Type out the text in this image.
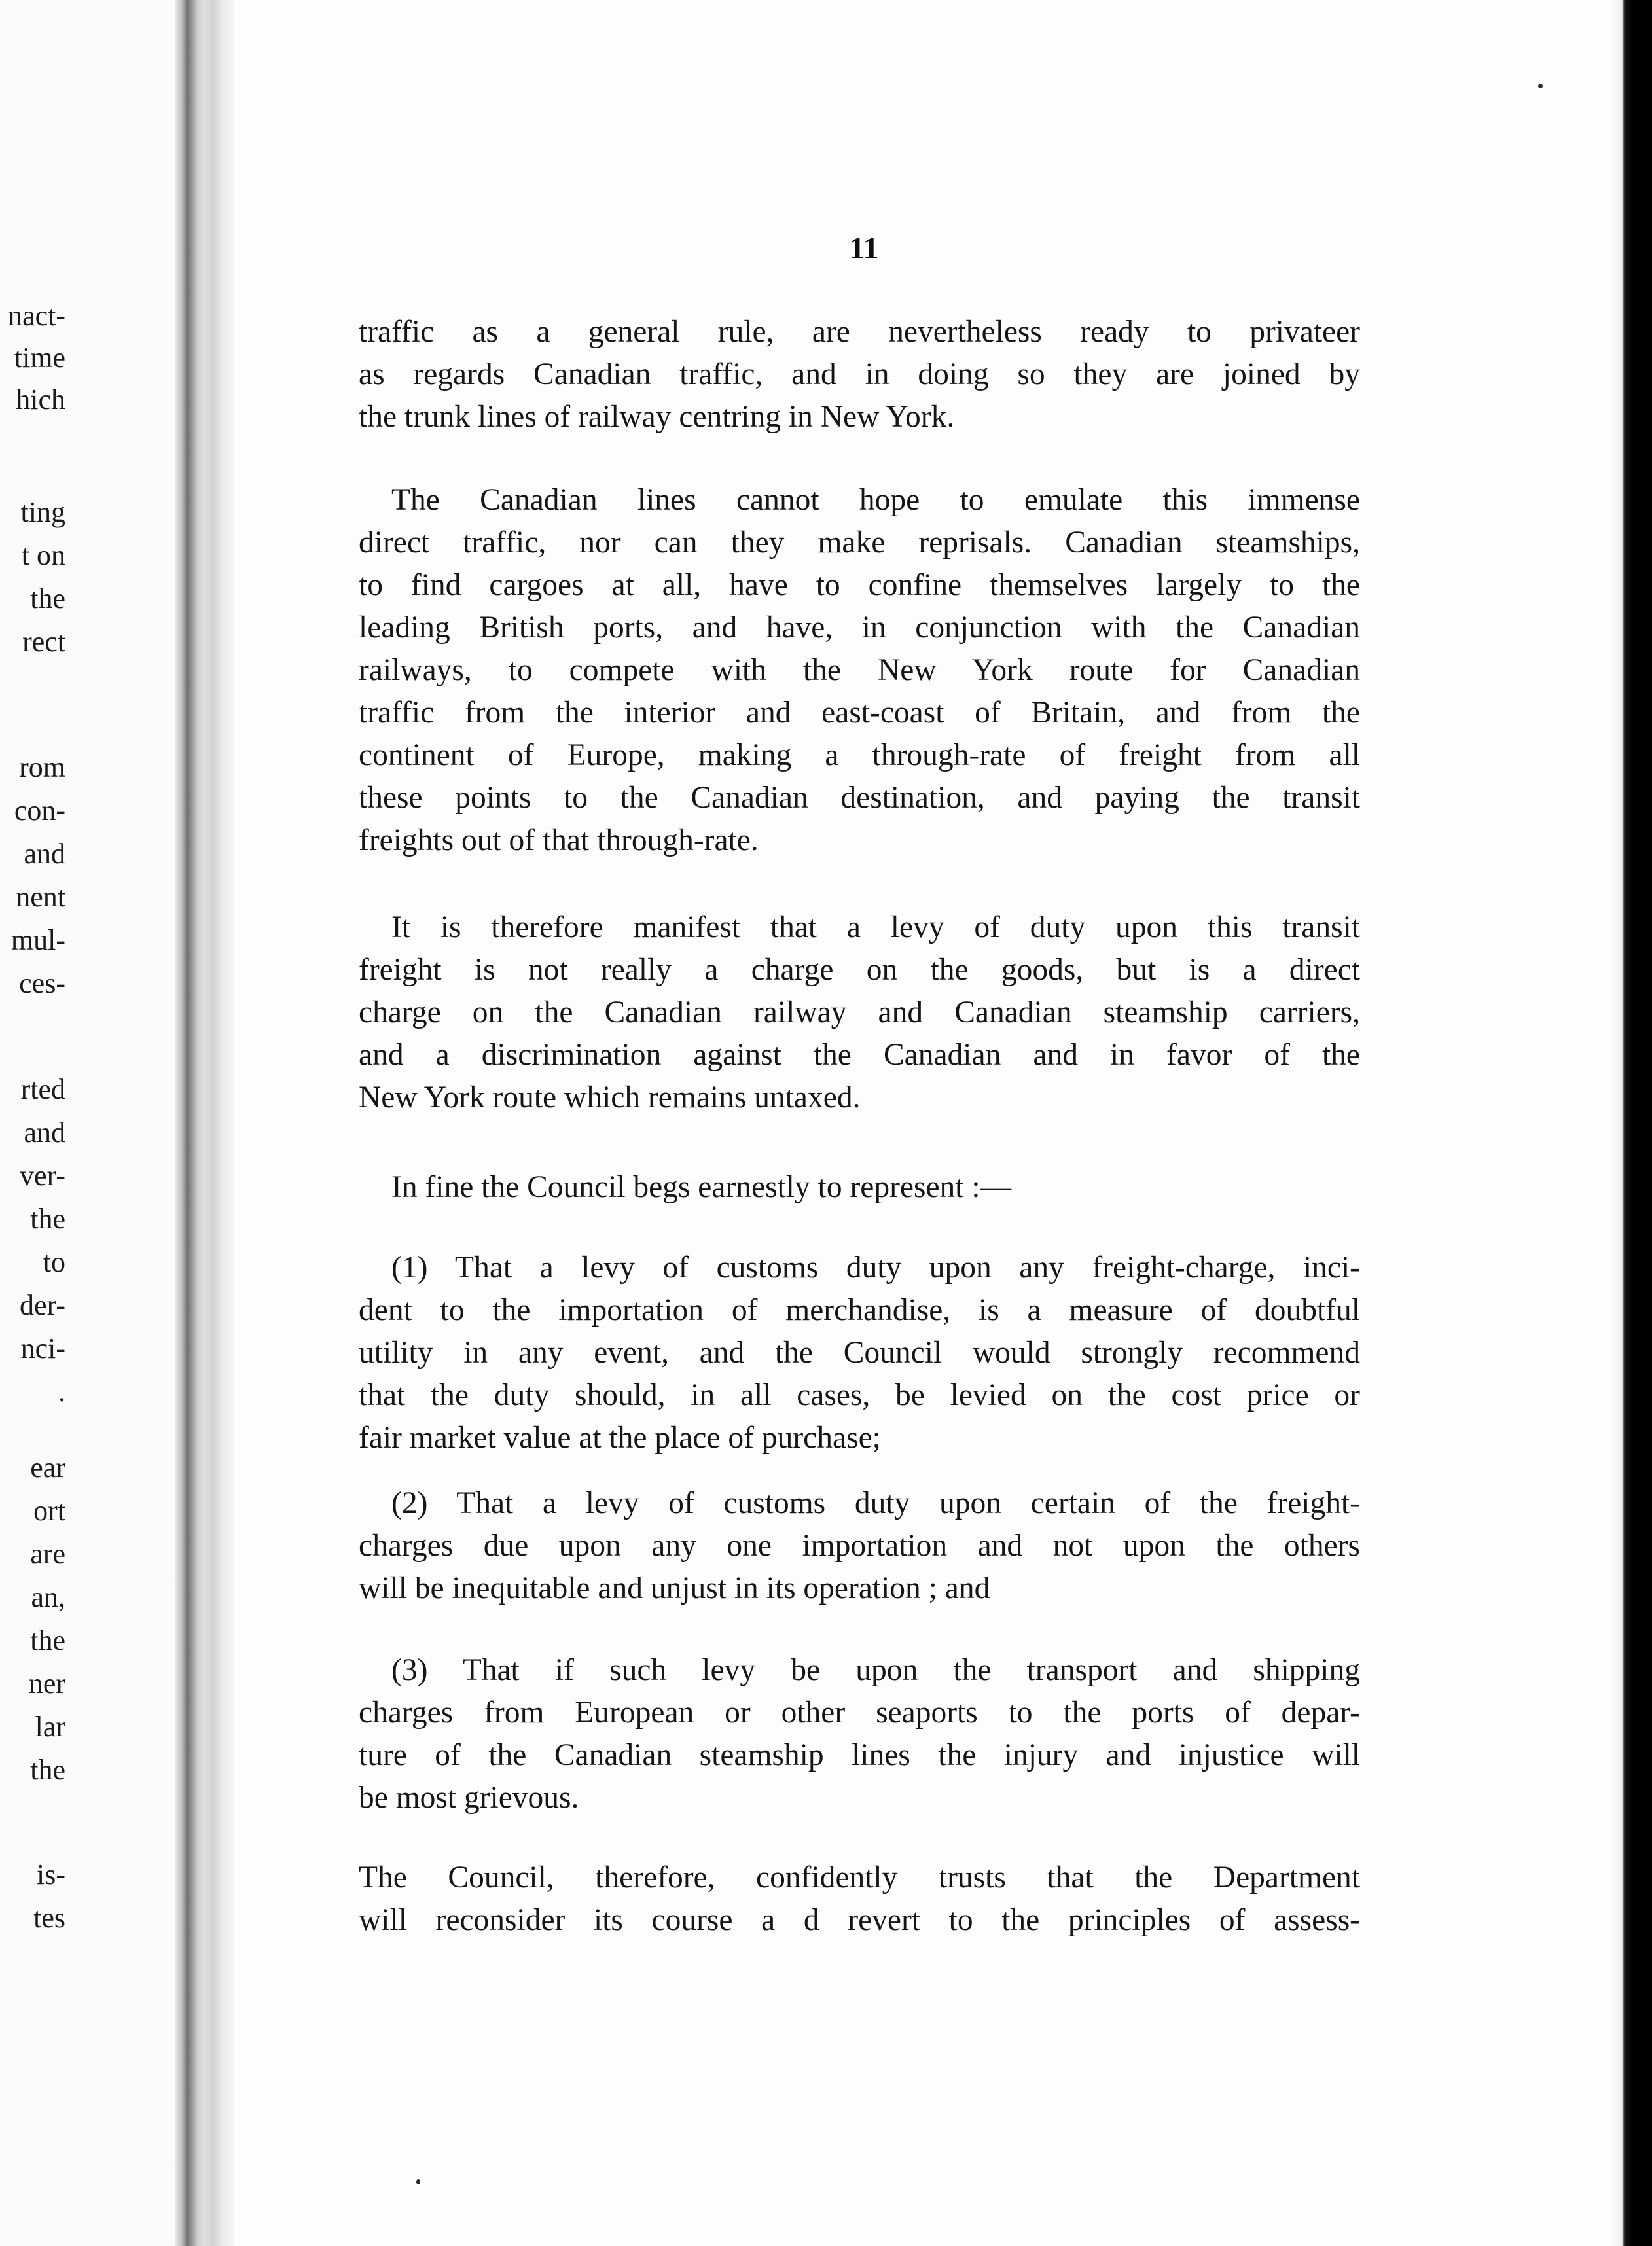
nact-
time
hich
ting
t on
the
rect
rom
con-
and
nent
mul-
ces-
rted
and
ver-
the
to
der-
nci-
.
ear
ort
are
an,
the
ner
lar
the
is-
tes
11
traffic as a general rule, are nevertheless ready to privateer
as regards Canadian traffic, and in doing so they are joined by
the trunk lines of railway centring in New York.
The Canadian lines cannot hope to emulate this immense
direct traffic, nor can they make reprisals. Canadian steamships,
to find cargoes at all, have to confine themselves largely to the
leading British ports, and have, in conjunction with the Canadian
railways, to compete with the New York route for Canadian
traffic from the interior and east-coast of Britain, and from the
continent of Europe, making a through-rate of freight from all
these points to the Canadian destination, and paying the transit
freights out of that through-rate.
It is therefore manifest that a levy of duty upon this transit
freight is not really a charge on the goods, but is a direct
charge on the Canadian railway and Canadian steamship carriers,
and a discrimination against the Canadian and in favor of the
New York route which remains untaxed.
In fine the Council begs earnestly to represent :—
(1) That a levy of customs duty upon any freight-charge, inci-
dent to the importation of merchandise, is a measure of doubtful
utility in any event, and the Council would strongly recommend
that the duty should, in all cases, be levied on the cost price or
fair market value at the place of purchase;
(2) That a levy of customs duty upon certain of the freight-
charges due upon any one importation and not upon the others
will be inequitable and unjust in its operation ; and
(3) That if such levy be upon the transport and shipping
charges from European or other seaports to the ports of depar-
ture of the Canadian steamship lines the injury and injustice will
be most grievous.
The Council, therefore, confidently trusts that the Department
will reconsider its course a d revert to the principles of assess-
